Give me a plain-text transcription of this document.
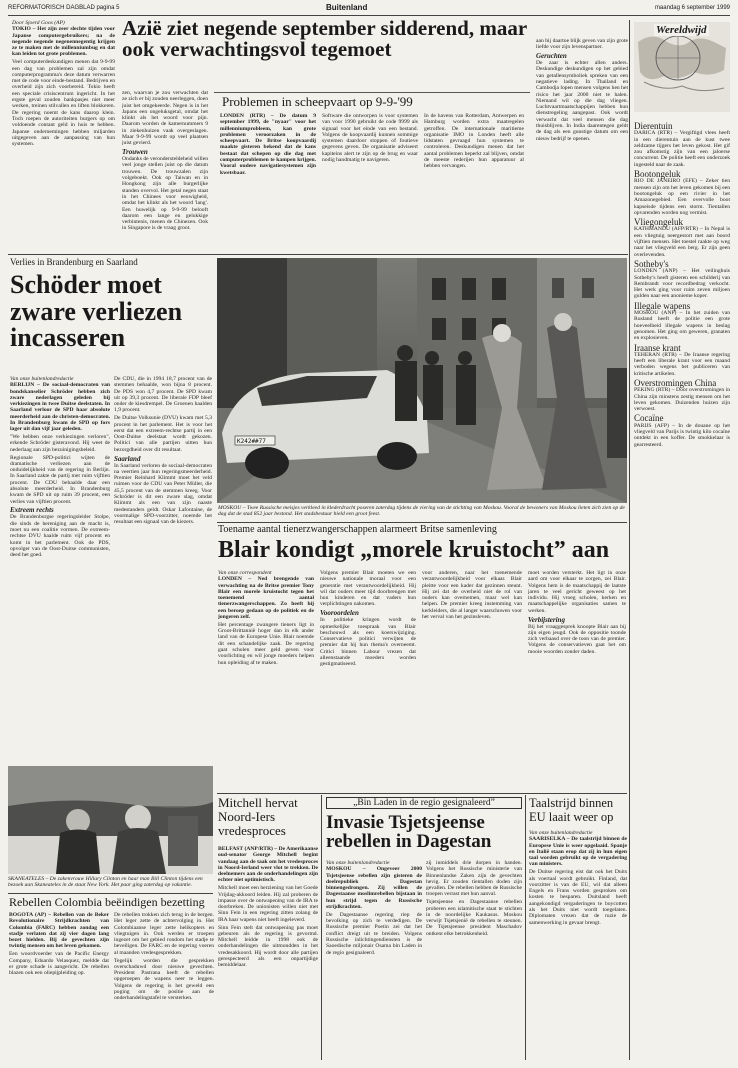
REFORMATORISCH DAGBLAD pagina 5	Buitenland	maandag 6 september 1999
Door Sjoerd Goos (AP)

TOKIO – Het zijn zeer slechte tijden voor Japanse computergebruikers; na de negende negende negenennegentig krijgen ze te maken met de millenniumbug en dat kan leiden tot grote problemen.

Veel computerdeskundigen menen dat 9-9-99 een dag van problemen zal zijn omdat computerprogramma's deze datum verwarren met de code voor einde-bestand. Bedrijven en overheid zijn zich voorbereid. Tokio heeft een speciale crisiscentrum ingericht. In het ergste geval zouden bankpasjes niet meer werken, treinen stilvallen en liften blokkeren. De regering noemt de kans daarop klein. Toch roepen de autoriteiten burgers op om voldoende contant geld in huis te hebben. Japanse ondernemingen hebben miljarden uitgegeven aan de aanpassing van hun systemen.

Azië ziet negende september sidderend, maar ook verwachtingsvol tegemoet

zen, waarvan je zou verwachten dat ze zich er bij zouden neerleggen, doen juist het omgekeerde. Negen is in het Japans een ongeluksgetal, omdat het klinkt als het woord voor pijn. Daarom worden de kamernummers 9 in ziekenhuizen vaak overgeslagen. Maar 9-9-99 wordt op veel plaatsen juist gevierd.

Trouwen

Ondanks de verondersteldeheid willen veel jonge stellen juist op die datum trouwen. De trouwzalen zijn volgeboekt. Ook op Taiwan en in Hongkong zijn alle burgerlijke standen overvol. Het getal negen staat in het Chinees voor eeuwigheid, omdat het klinkt als het woord 'lang'. Een huwelijk op 9-9-99 belooft daarom een lange en gelukkige verbintenis, menen de Chinezen. Ook in Singapore is de vraag groot.

Problemen in scheepvaart op 9-9-'99
LONDEN (RTR) – De datum 9 september 1999, de "nyaar" voor het millenniumprobleem, kan grote problemen veroorzaken in de scheepvaart. De Britse koopvaardij maakte gisteren bekend dat de kans bestaat dat schepen op die dag met computerproblemen te kampen krijgen. Vooral oudere navigatiesystemen zijn kwetsbaar.
Software die ontworpen is voor systemen van voor 1990 gebruikt de code 9999 als signaal voor het einde van een bestand. Volgens de koopvaardij kunnen sommige systemen daardoor stoppen of foutieve gegevens geven. De organisatie adviseert kapiteins alert te zijn op de brug en waar nodig handmatig te navigeren.
In de havens van Rotterdam, Antwerpen en Hamburg worden extra maatregelen getroffen. De internationale maritieme organisatie IMO in Londen heeft alle lidstaten gevraagd hun systemen te controleren. Deskundigen menen dat het aantal problemen beperkt zal blijven, omdat de meeste rederijen hun apparatuur al hebben vervangen.

aan bij daartoe blijk geven van zijn grote liefde voor zijn levenspartner.

Geruchten

De zaar is echter allen anders. Deskundige deskundigen op het gebied van getallensymboliek spreken van een negatieve lading. In Thailand en Cambodja lopen mensen volgens hen het risico het jaar 2000 niet te halen. Niemand wil op die dag vliegen. Luchtvaartmaatschappijen hebben hun dienstregeling aangepast. Ook wordt verwacht dat veel mensen die dag thuisblijven. In India daarentegen geldt de dag als een gunstige datum om een nieuw bedrijf te openen.

Wereldwijd
Dierentuin

DARICA (RTR) – Vergiftigd vlees heeft in een dierentuin aan de kust twee zeldzame tijgers het leven gekost. Het gif zou afkomstig zijn van een jaloerse concurrent. De politie heeft een onderzoek ingesteld naar de zaak.

Bootongeluk

RIO DE JANEIRO (EFE) – Zeker tien mensen zijn om het leven gekomen bij een bootongeluk op een rivier in het Amazonegebied. Een overvolle boot kapseisde tijdens een storm. Tientallen opvarenden worden nog vermist.

Vliegongeluk

KATHMANDU (AFP/RTR) – In Nepal is een vliegtuig neergestort met aan boord vijftien mensen. Het toestel raakte op weg naar het vliegveld een berg. Er zijn geen overlevenden.

Sotheby's

LONDEN (ANP) – Het veilinghuis Sotheby's heeft gisteren een schilderij van Rembrandt voor recordbedrag verkocht. Het werk ging voor ruim zeven miljoen gulden naar een anonieme koper.

Illegale wapens

MOSKOU (ANP) – In het zuiden van Rusland heeft de politie een grote hoeveelheid illegale wapens in beslag genomen. Het ging om geweren, granaten en explosieven.

Iraanse krant

TEHERAN (RTR) – De Iraanse regering heeft een liberale krant voor een maand verboden wegens het publiceren van kritische artikelen.

Overstromingen China

PEKING (RTR) – Door overstromingen in China zijn minstens zestig mensen om het leven gekomen. Duizenden huizen zijn verwoest.

Cocaïne

PARIJS (AFP) – In de douane op het vliegveld van Parijs is twintig kilo cocaïne ontdekt in een koffer. De smokkelaar is gearresteerd.

Verlies in Brandenburg en Saarland
Schöder moet zware verliezen incasseren
Van onze buitenlandredactie

BERLIJN – De sociaal-democraten van bondskanselier Schröder hebben zich zware nederlagen geleden bij verkiezingen in twee Duitse deelstaten. In Saarland verloor de SPD haar absolute meerderheid aan de christen-democraten. In Brandenburg kwam de SPD op fors lager uit dan vijf jaar geleden.

"We hebben onze verkiezingen verloren", erkende Schröder gisteravond. Hij weet de nederlaag aan zijn bezuinigingsbeleid.

Regionale SPD-politici wijten de dramatische verliezen aan de onduidelijkheid van de regering in Berlijn. In Saarland zakte de partij met ruim vijftien procent. De CDU behaalde daar een absolute meerderheid. In Brandenburg kwam de SPD uit op ruim 39 procent, een verlies van vijftien procent.

Extreem rechts

De Brandenburgse regeringsleider Stolpe, die sinds de hereniging aan de macht is, moet nu een coalitie vormen. De extreem-rechtse DVU haalde ruim vijf procent en komt in het parlement. Ook de PDS, opvolger van de Oost-Duitse communisten, deed het goed.

De CDU, die in 1994 18,7 procent van de stemmen behaalde, won bijna 8 procent. De PDS won 4,7 procent. De SPD kwam uit op 39,3 procent. De liberale FDP bleef onder de kiesdrempel. De Groenen haalden 1,9 procent.

De Duitse Volksunie (DVU) kwam met 5,3 procent in het parlement. Het is voor het eerst dat een extreem-rechtse partij in een Oost-Duitse deelstaat wordt gekozen. Politici van alle partijen uitten hun bezorgdheid over dit resultaat.

Saarland

In Saarland verloren de sociaal-democraten na veertien jaar hun regeringsmeerderheid. Premier Reinhard Klimmt moet het veld ruimen voor de CDU van Peter Müller, die 45,5 procent van de stemmen kreeg. Voor Schröder is dit een zware slag, omdat Klimmt als een van zijn naaste medestanders geldt. Oskar Lafontaine, de voormalige SPD-voorzitter, noemde het resultaat een signaal van de kiezers.

K242##77
MOSKOU – Twee Russische meisjes verkleed in klederdracht poseren zaterdag tijdens de viering van de stichting van Moskou. Vooral de bewoners van Moskou lieten zich zien op de dag dat de stad 852 jaar bestond. Het stadsbestuur hield een groot feest.
Toename aantal tienerzwangerschappen alarmeert Britse samenleving
Blair kondigt „morele kruistocht” aan
Van onze correspondent

LONDEN – Ned brengende van verwachting na de Britse premier Tony Blair een morele kruistocht tegen het toenemend aantal tienerzwangerschappen. Zo heeft hij een beroep gedaan op de politiek en de jongeren zelf.

Het percentage zwangere tieners ligt in Groot-Brittannië hoger dan in elk ander land van de Europese Unie. Blair noemde dit een schandelijke zaak. De regering gaat scholen meer geld geven voor voorlichting en wil jonge moeders helpen hun opleiding af te maken.

Volgens premier Blair moeten we een nieuwe nationale moraal voor een generatie met verantwoordelijkheid. Hij wil dat ouders meer tijd doorbrengen met hun kinderen en dat vaders hun verplichtingen nakomen.

Vooroordelen

In politieke kringen wordt de opmerkelijke toespraak van Blair beschouwd als een koerswijziging. Conservatieve politici verwijten de premier dat hij hun thema's overneemt. Critici binnen Labour vrezen dat alleenstaande moeders worden gestigmatiseerd.

voor anderen, naar het toenemende verantwoordelijkheid voor elkaar. Blair pleitte voor een kader dat gezinnen steunt. Hij zei dat de overheid niet de rol van ouders kan overnemen, maar wel kan helpen. De premier kreeg instemming van kerkleiders, die al langer waarschuwen voor het verval van het gezinsleven.

moet worden versterkt. Het ligt in onze aard om voor elkaar te zorgen, zei Blair. Volgens hem is de maatschappij de laatste jaren te veel gericht geweest op het individu. Hij vroeg scholen, kerken en maatschappelijke organisaties samen te werken.

Verbijstering

Bij het vraaggesprek knoopte Blair aan bij zijn eigen jeugd. Ook de oppositie toonde zich verbaasd over de toon van de premier. Volgens de conservatieven gaat het om mooie woorden zonder daden.

SKANEATELES – De zakenvrouw Hillary Clinton en haar man Bill Clinton tijdens een bezoek aan Skaneateles in de staat New York. Het paar ging zaterdag op vakantie.
Rebellen Colombia beëindigen bezetting

BOGOTA (AP) – Rebellen van de Beker Revolutionaire Strijdkrachten van Colombia (FARC) hebben zondag een stadje verlaten dat zij vier dagen lang bezet hielden. Bij de gevechten zijn twintig mensen om het leven gekomen.

Een woordvoerder van de Pacific Energy Company, Eduardo Velasquez, meldde dat er grote schade is aangericht. De rebellen blazen ook een oliepijpleiding op.

De rebellen trokken zich terug in de bergen. Het leger zette de achtervolging in. Het Colombiaanse leger zette helikopters en vliegtuigen in. Ook werden er troepen ingezet om het gebied rondom het stadje te beveiligen. De FARC en de regering voeren al maanden vredesgesprekken.

Tegelijk worden die gesprekken overschaduwd door nieuwe gevechten. President Pastrana heeft de rebellen opgeroepen de wapens neer te leggen. Volgens de regering is het geweld een poging om de positie aan de onderhandelingstafel te versterken.

Mitchell hervat Noord-Iers vredesproces

BELFAST (ANP/RTR) – De Amerikaanse oud-senator George Mitchell begint vandaag aan de taak om het vredesproces in Noord-Ierland weer vlot te trekken. De deelnemers aan de onderhandelingen zijn echter niet optimistisch.

Mitchell moet een herziening van het Goede Vrijdag-akkoord leiden. Hij zal proberen de impasse over de ontwapening van de IRA te doorbreken. De unionisten willen niet met Sinn Fein in een regering zitten zolang de IRA haar wapens niet heeft ingeleverd.

Sinn Fein stelt dat ontwapening pas moet gebeuren als de regering is gevormd. Mitchell leidde in 1998 ook de onderhandelingen die uitmondden in het vredesakkoord. Hij wordt door alle partijen gerespecteerd als een onpartijdige bemiddelaar.

„Bin Laden in de regio gesignaleerd”
Invasie Tsjetsjeense rebellen in Dagestan
Van onze buitenlandredactie

MOSKOU – Ongeveer 2000 Tsjetsjeense rebellen zijn gisteren de deelrepubliek Dagestan binnengedrongen. Zij willen de Dagestaanse moslimrebellen bijstaan in hun strijd tegen de Russische strijdkrachten.

De Dagestaanse regering riep de bevolking op zich te verdedigen. De Russische premier Poetin zei dat het conflict dreigt uit te breiden. Volgens Russische inlichtingendiensten is de Saoedische miljonair Osama bin Laden in de regio gesignaleerd.

zij inmiddels drie dorpen in handen. Volgens het Russische ministerie van Binnenlandse Zaken zijn de gevechten hevig. Er zouden tientallen doden zijn gevallen. De rebellen hebben de Russische troepen verrast met hun aanval.

Tsjetsjeense en Dagestaanse rebellen proberen een islamitische staat te stichten in de noordelijke Kaukasus. Moskou verwijt Tsjetsjenië de rebellen te steunen. De Tsjetsjeense president Maschadov ontkent elke betrokkenheid.

Taalstrijd binnen EU laait weer op
Van onze buitenlandredactie

SAARISELKA – De taalstrijd binnen de Europese Unie is weer opgelaaid. Spanje en Italië staan erop dat zij in hun eigen taal worden gebruikt op de vergadering van ministers.

De Duitse regering eist dat ook het Duits als voertaal wordt gebruikt. Finland, dat voorzitter is van de EU, wil dat alleen Engels en Frans worden gesproken om kosten te besparen. Duitsland heeft aangekondigd vergaderingen te boycotten als het Duits niet wordt toegelaten. Diplomaten vrezen dat de ruzie de samenwerking in gevaar brengt.
